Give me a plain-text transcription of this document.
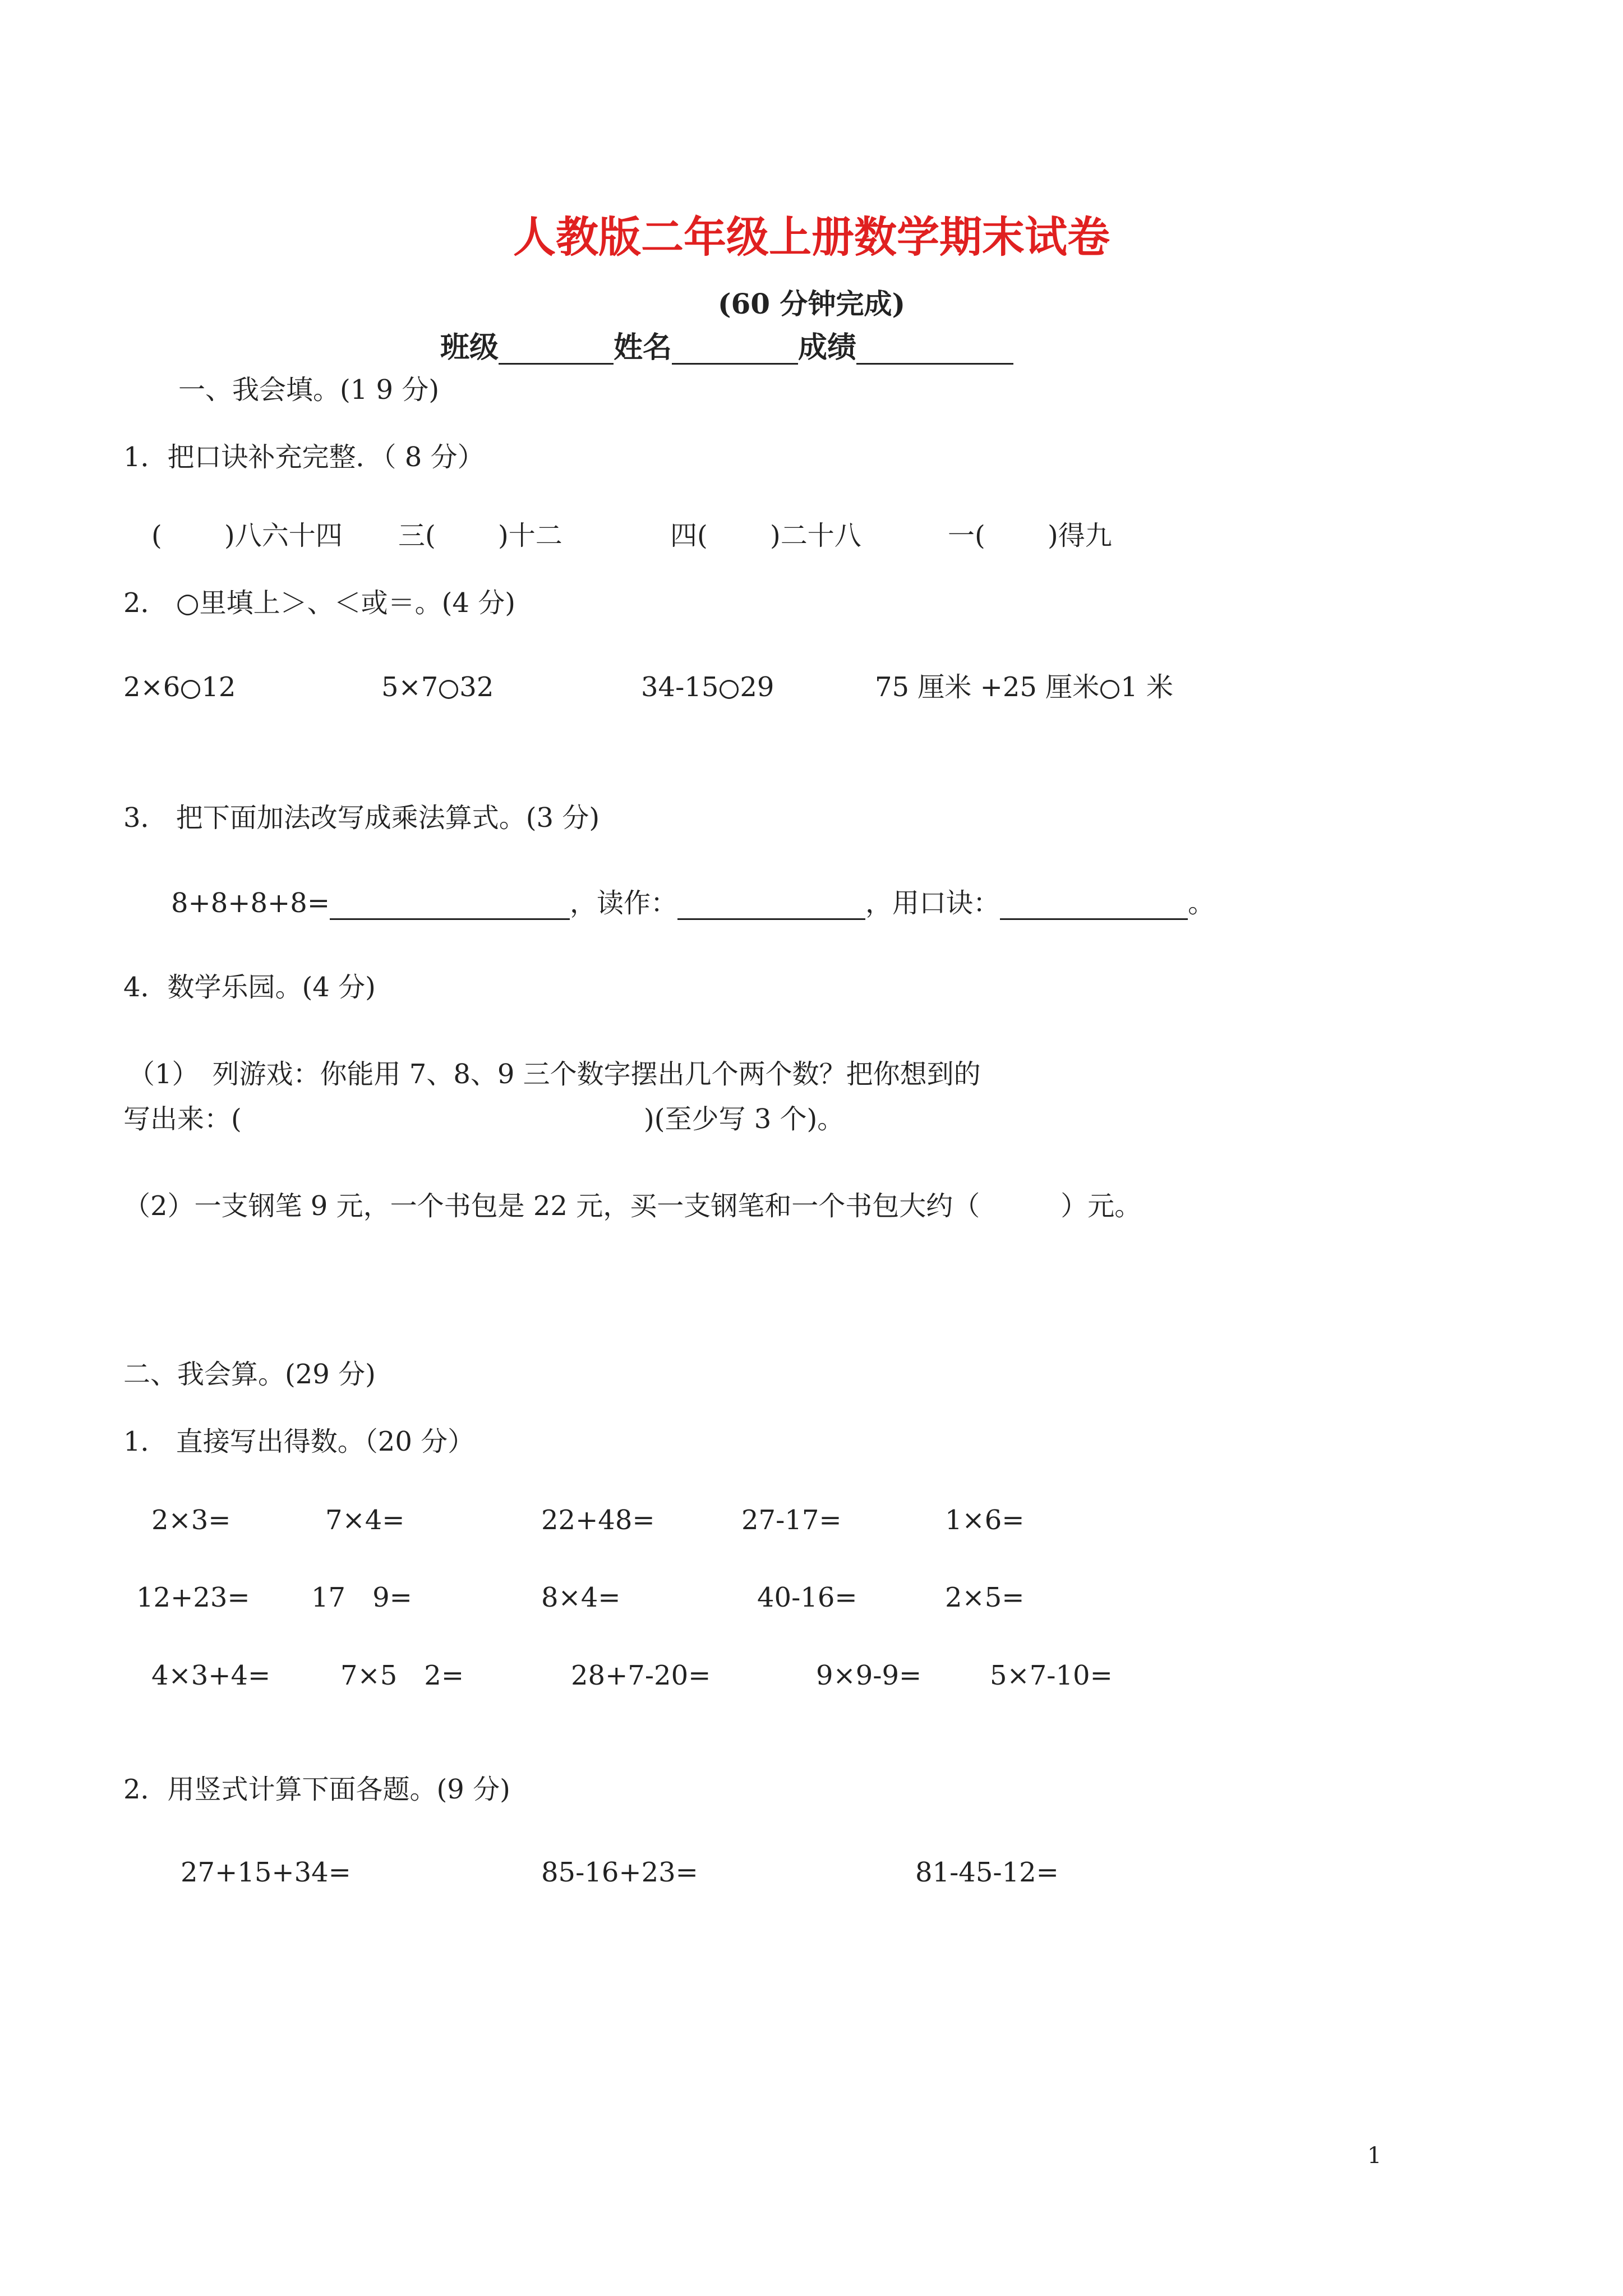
人教版二年级上册数学期末试卷
(60 分钟完成)
班级	姓名	成绩
一、我会填。(1 9 分)
1．把口诀补充完整．（ 8 分）
(　　 )八六十四 三(　　 )十二	四(　　 )二十八	一(　　 )得九
2． ○里填上＞、＜或＝。(4 分)
2×6 12	5×7 32	34-15 29	75 厘米 +25 厘米 1 米
3． 把下面加法改写成乘法算式。(3 分)
8+8+8+8=	，读作：	，用口诀：	。
4．数学乐园。(4 分)
（1）　列游戏：你能用 7、8、9 三个数字摆出几个两个数？把你想到的
写出来：(	)(至少写 3 个)。
（2）一支钢笔 9 元，一个书包是 22 元，买一支钢笔和一个书包大约（　　　）元。
二、我会算。(29 分)
1． 直接写出得数。（20 分）
2×3=	7×4=	22+48=	27-17=	1×6=
12+23= 17　9=	8×4=	40-16=	2×5=
4×3+4=	7×5　2=	28+7-20=	9×9-9=	5×7-10=
2．用竖式计算下面各题。(9 分)
27+15+34=	85-16+23=	81-45-12=
1
